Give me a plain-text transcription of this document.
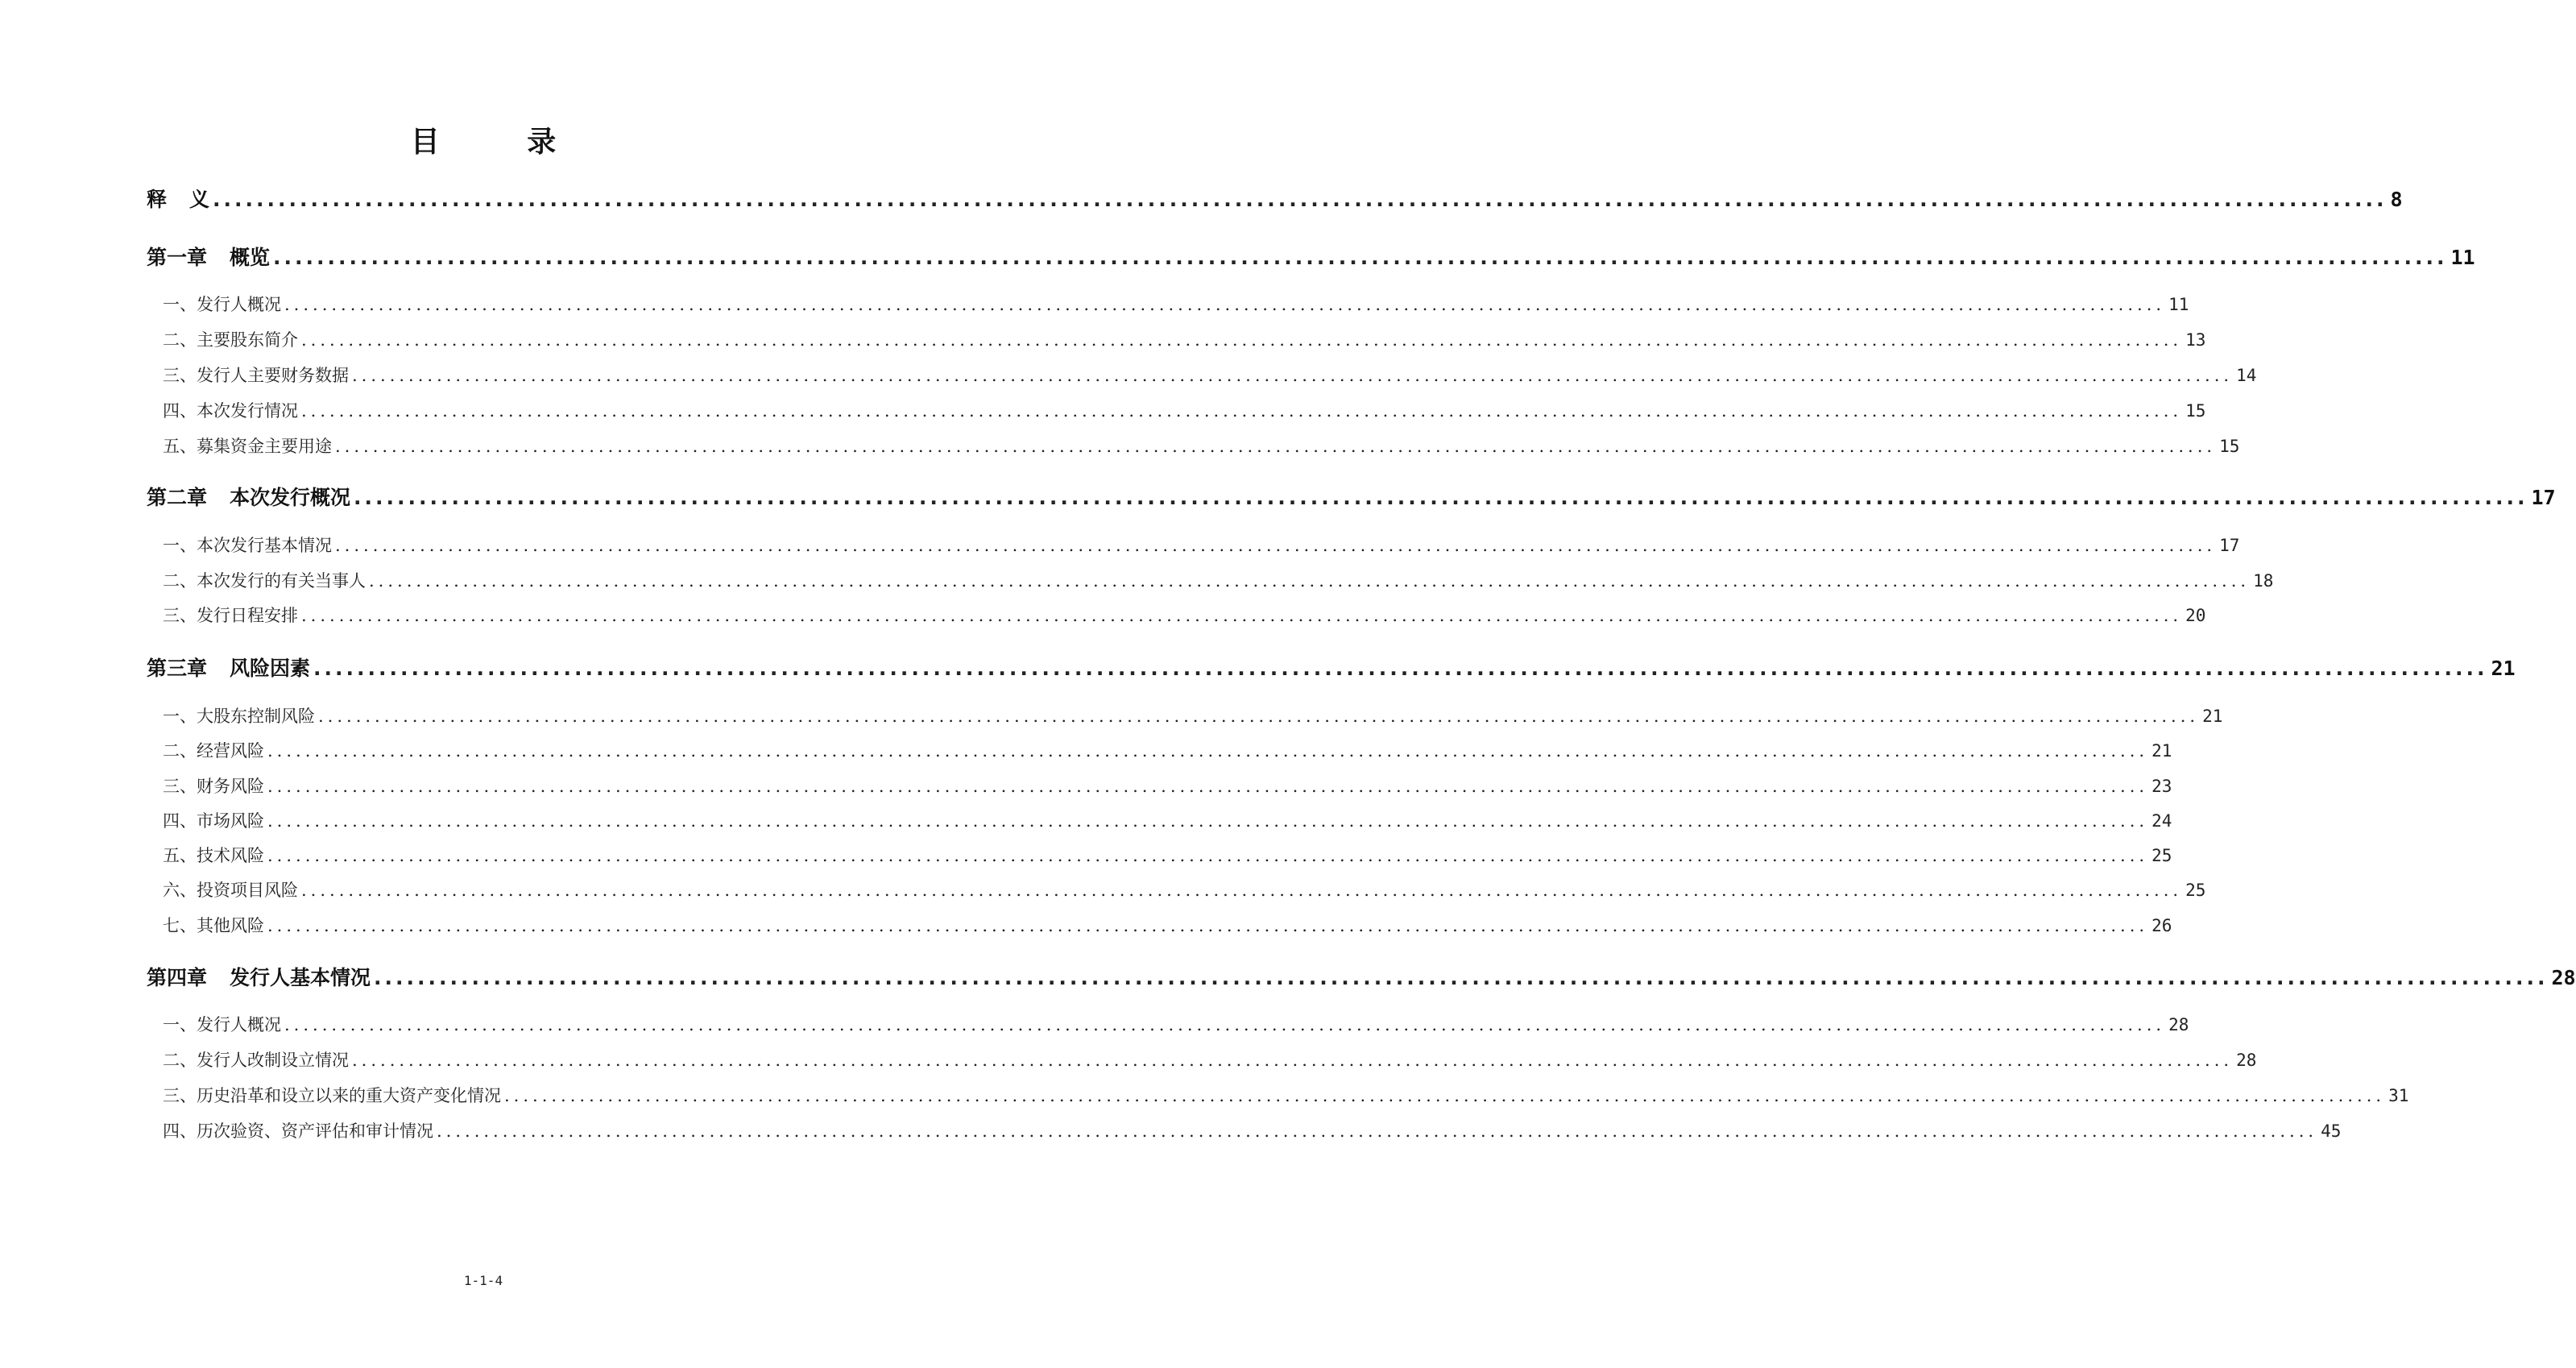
目 录
释 义 ........................................................................................................................................................................................................ 8
第一章 概览 ........................................................................................................................................................................................................ 11
一、发行人概况 ........................................................................................................................................................................................................ 11
二、主要股东简介 ........................................................................................................................................................................................................ 13
三、发行人主要财务数据 ........................................................................................................................................................................................................ 14
四、本次发行情况 ........................................................................................................................................................................................................ 15
五、募集资金主要用途 ........................................................................................................................................................................................................ 15
第二章 本次发行概况 ........................................................................................................................................................................................................ 17
一、本次发行基本情况 ........................................................................................................................................................................................................ 17
二、本次发行的有关当事人 ........................................................................................................................................................................................................ 18
三、发行日程安排 ........................................................................................................................................................................................................ 20
第三章 风险因素 ........................................................................................................................................................................................................ 21
一、大股东控制风险 ........................................................................................................................................................................................................ 21
二、经营风险 ........................................................................................................................................................................................................ 21
三、财务风险 ........................................................................................................................................................................................................ 23
四、市场风险 ........................................................................................................................................................................................................ 24
五、技术风险 ........................................................................................................................................................................................................ 25
六、投资项目风险 ........................................................................................................................................................................................................ 25
七、其他风险 ........................................................................................................................................................................................................ 26
第四章 发行人基本情况 ........................................................................................................................................................................................................ 28
一、发行人概况 ........................................................................................................................................................................................................ 28
二、发行人改制设立情况 ........................................................................................................................................................................................................ 28
三、历史沿革和设立以来的重大资产变化情况 ........................................................................................................................................................................................................ 31
四、历次验资、资产评估和审计情况 ........................................................................................................................................................................................................ 45
1-1-4
